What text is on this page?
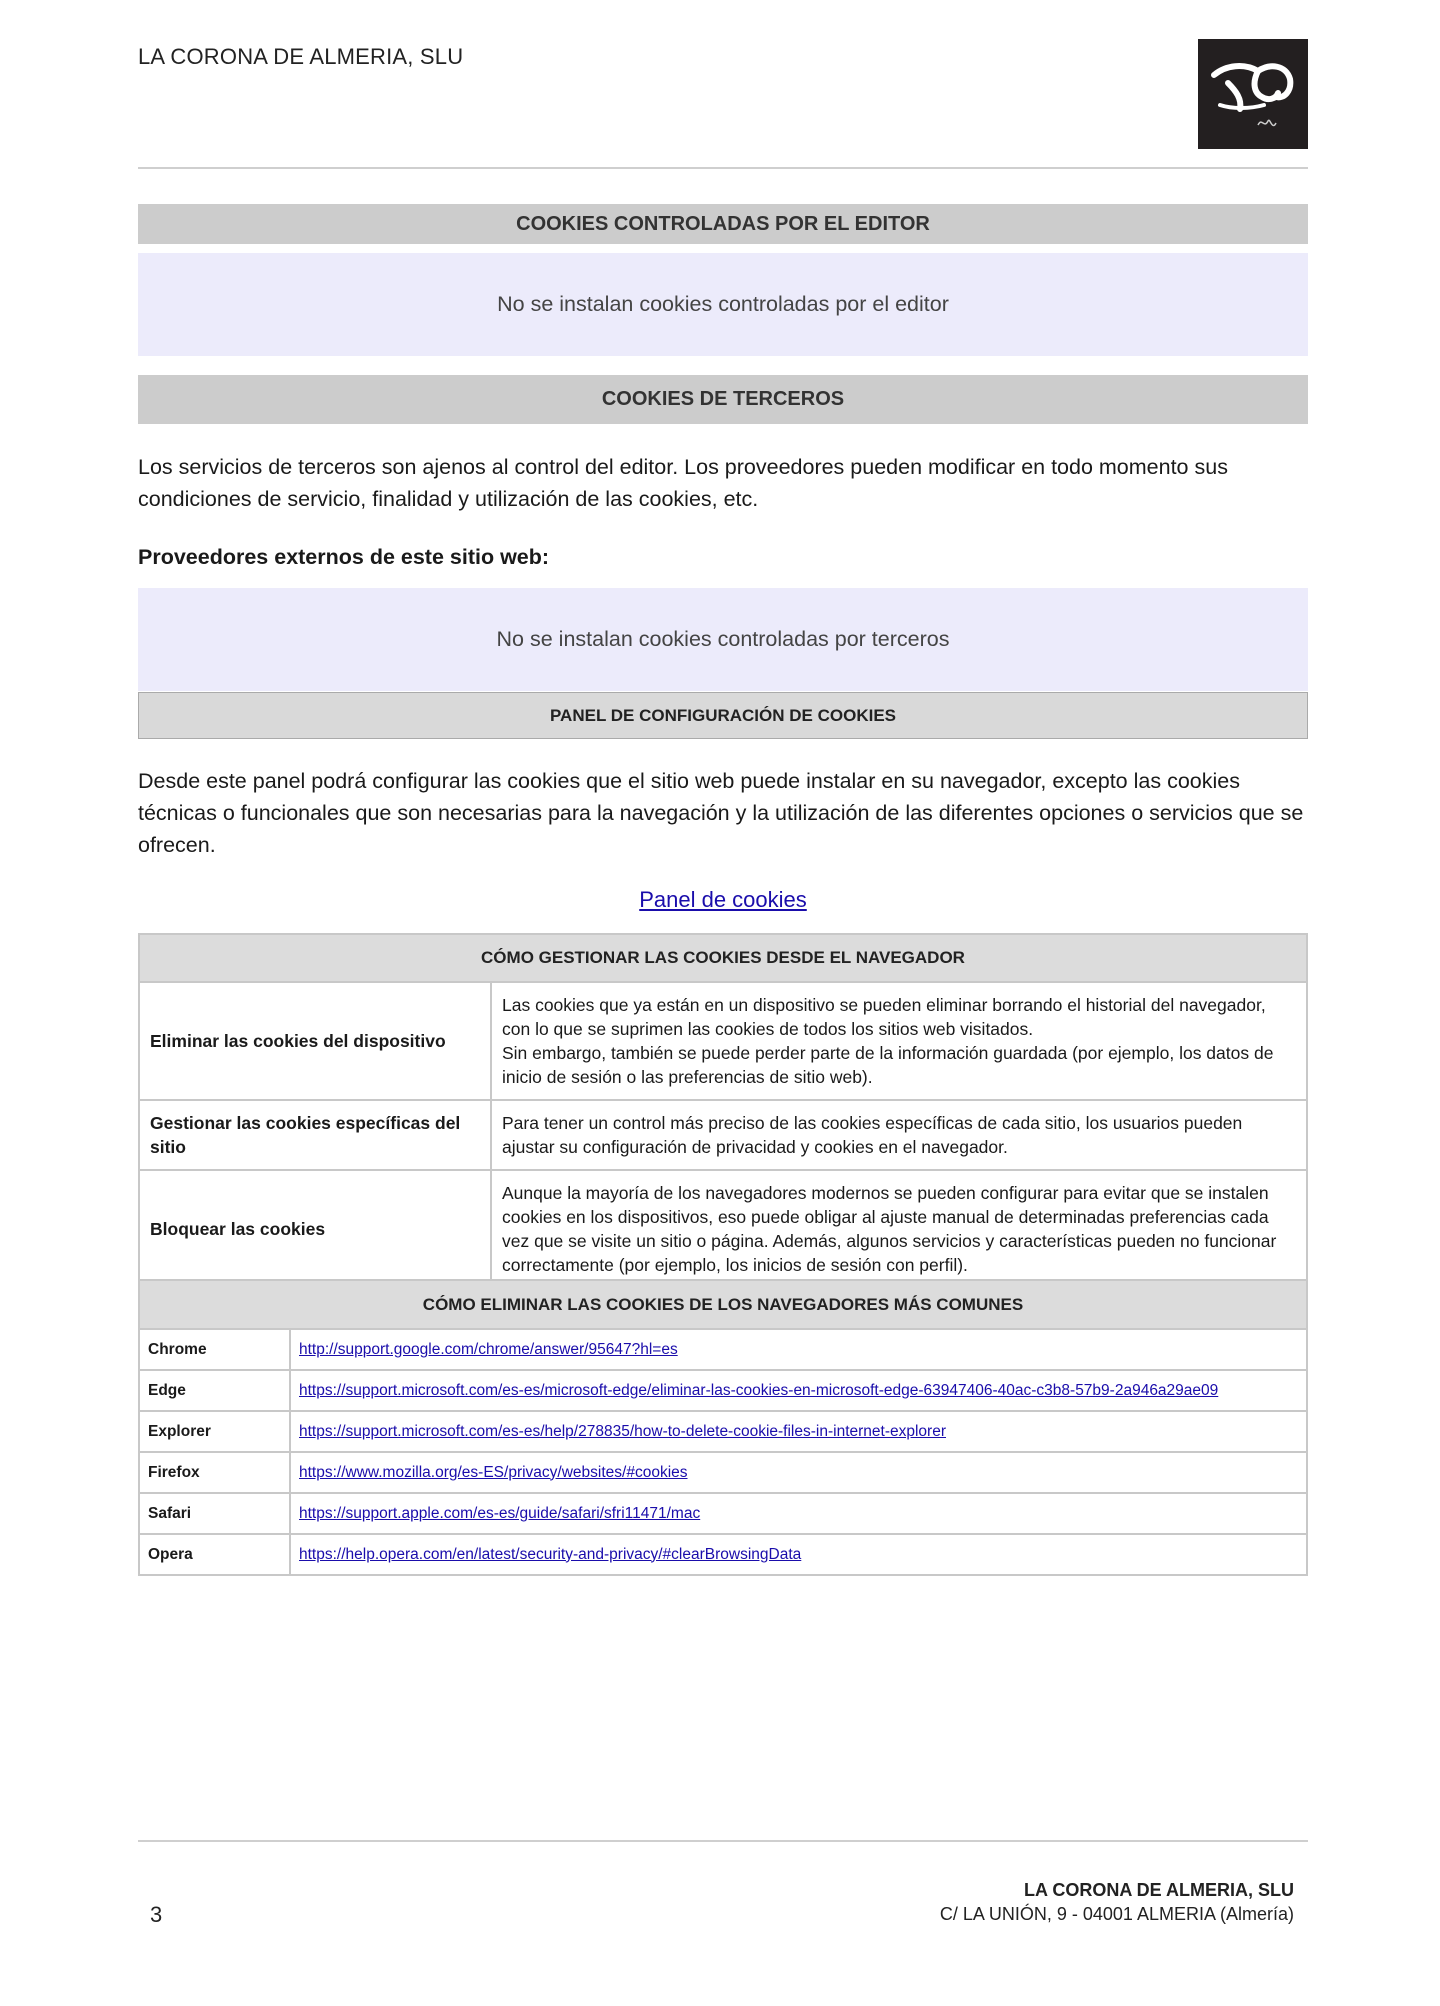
LA CORONA DE ALMERIA, SLU
COOKIES CONTROLADAS POR EL EDITOR
No se instalan cookies controladas por el editor
COOKIES DE TERCEROS
Los servicios de terceros son ajenos al control del editor. Los proveedores pueden modificar en todo momento sus condiciones de servicio, finalidad y utilización de las cookies, etc.
Proveedores externos de este sitio web:
No se instalan cookies controladas por terceros
PANEL DE CONFIGURACIÓN DE COOKIES
Desde este panel podrá configurar las cookies que el sitio web puede instalar en su navegador, excepto las cookies técnicas o funcionales que son necesarias para la navegación y la utilización de las diferentes opciones o servicios que se ofrecen.
Panel de cookies
CÓMO GESTIONAR LAS COOKIES DESDE EL NAVEGADOR	
Eliminar las cookies del dispositivo	Las cookies que ya están en un dispositivo se pueden eliminar borrando el historial del navegador, con lo que se suprimen las cookies de todos los sitios web visitados.

Sin embargo, también se puede perder parte de la información guardada (por ejemplo, los datos de inicio de sesión o las preferencias de sitio web).

Gestionar las cookies específicas del sitio	Para tener un control más preciso de las cookies específicas de cada sitio, los usuarios pueden ajustar su configuración de privacidad y cookies en el navegador.

Bloquear las cookies	Aunque la mayoría de los navegadores modernos se pueden configurar para evitar que se instalen cookies en los dispositivos, eso puede obligar al ajuste manual de determinadas preferencias cada vez que se visite un sitio o página. Además, algunos servicios y características pueden no funcionar correctamente (por ejemplo, los inicios de sesión con perfil).

CÓMO ELIMINAR LAS COOKIES DE LOS NAVEGADORES MÁS COMUNES	
Chrome	http://support.google.com/chrome/answer/95647?hl=es
Edge	https://support.microsoft.com/es-es/microsoft-edge/eliminar-las-cookies-en-microsoft-edge-63947406-40ac-c3b8-57b9-2a946a29ae09
Explorer	https://support.microsoft.com/es-es/help/278835/how-to-delete-cookie-files-in-internet-explorer
Firefox	https://www.mozilla.org/es-ES/privacy/websites/#cookies
Safari	https://support.apple.com/es-es/guide/safari/sfri11471/mac
Opera	https://help.opera.com/en/latest/security-and-privacy/#clearBrowsingData
3
LA CORONA DE ALMERIA, SLU
C/ LA UNIÓN, 9 - 04001 ALMERIA (Almería)
